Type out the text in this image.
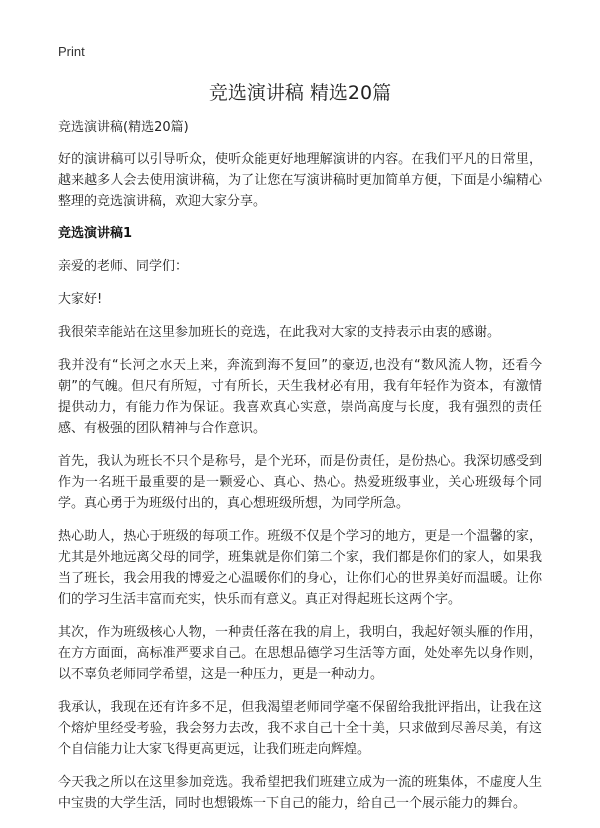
Print
竞选演讲稿 精选20篇

竞选演讲稿(精选20篇)

好的演讲稿可以引导听众，使听众能更好地理解演讲的内容。在我们平凡的日常里，越来越多人会去使用演讲稿，为了让您在写演讲稿时更加简单方便，下面是小编精心整理的竞选演讲稿，欢迎大家分享。

竞选演讲稿1

亲爱的老师、同学们：

大家好!

我很荣幸能站在这里参加班长的竞选，在此我对大家的支持表示由衷的感谢。

我并没有“长河之水天上来，奔流到海不复回”的豪迈,也没有“数风流人物，还看今朝”的气魄。但尺有所短，寸有所长，天生我材必有用，我有年轻作为资本，有激情提供动力，有能力作为保证。我喜欢真心实意，崇尚高度与长度，我有强烈的责任感、有极强的团队精神与合作意识。

首先，我认为班长不只个是称号，是个光环，而是份责任，是份热心。我深切感受到作为一名班干最重要的是一颗爱心、真心、热心。热爱班级事业，关心班级每个同学。真心勇于为班级付出的，真心想班级所想，为同学所急。

热心助人，热心于班级的每项工作。班级不仅是个学习的地方，更是一个温馨的家，尤其是外地远离父母的同学，班集就是你们第二个家，我们都是你们的家人，如果我当了班长，我会用我的博爱之心温暖你们的身心，让你们心的世界美好而温暖。让你们的学习生活丰富而充实，快乐而有意义。真正对得起班长这两个字。

其次，作为班级核心人物，一种责任落在我的肩上，我明白，我起好领头雁的作用，在方方面面，高标准严要求自己。在思想品德学习生活等方面，处处率先以身作则，以不辜负老师同学希望，这是一种压力，更是一种动力。

我承认，我现在还有许多不足，但我渴望老师同学毫不保留给我批评指出，让我在这个熔炉里经受考验，我会努力去改，我不求自己十全十美，只求做到尽善尽美，有这个自信能力让大家飞得更高更远，让我们班走向辉煌。

今天我之所以在这里参加竞选。我希望把我们班建立成为一流的班集体，不虚度人生中宝贵的大学生活，同时也想锻炼一下自己的能力，给自己一个展示能力的舞台。
